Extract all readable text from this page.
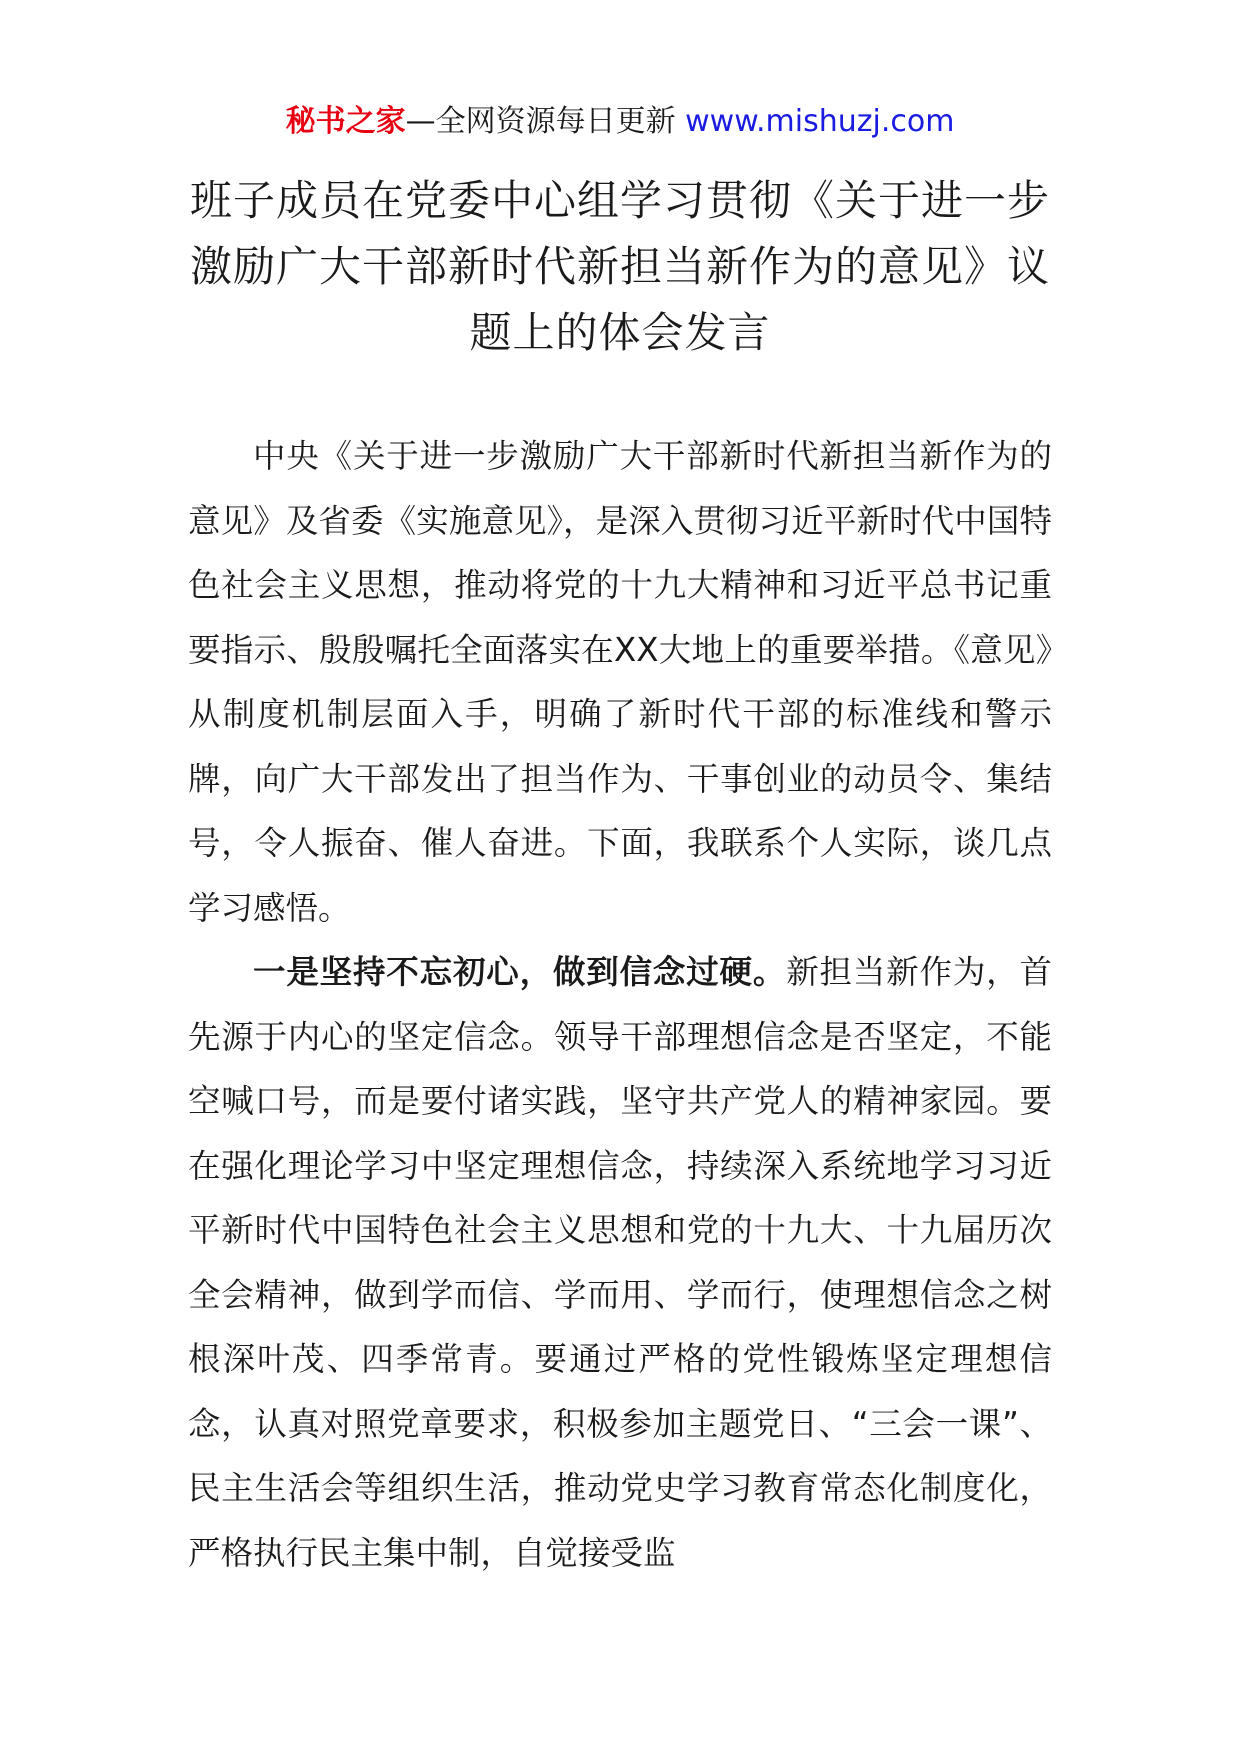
秘书之家—全网资源每日更新 www.mishuzj.com
班子成员在党委中心组学习贯彻《关于进一步激励广大干部新时代新担当新作为的意见》议题上的体会发言

中央《关于进一步激励广大干部新时代新担当新作为的意见》及省委《实施意见》，是深入贯彻习近平新时代中国特色社会主义思想，推动将党的十九大精神和习近平总书记重要指示、殷殷嘱托全面落实在XX大地上的重要举措。《意见》从制度机制层面入手，明确了新时代干部的标准线和警示牌，向广大干部发出了担当作为、干事创业的动员令、集结号，令人振奋、催人奋进。下面，我联系个人实际，谈几点学习感悟。

一是坚持不忘初心，做到信念过硬。新担当新作为，首先源于内心的坚定信念。领导干部理想信念是否坚定，不能空喊口号，而是要付诸实践，坚守共产党人的精神家园。要在强化理论学习中坚定理想信念，持续深入系统地学习习近平新时代中国特色社会主义思想和党的十九大、十九届历次全会精神，做到学而信、学而用、学而行，使理想信念之树根深叶茂、四季常青。要通过严格的党性锻炼坚定理想信念，认真对照党章要求，积极参加主题党日、“三会一课”、民主生活会等组织生活，推动党史学习教育常态化制度化，严格执行民主集中制，自觉接受监
